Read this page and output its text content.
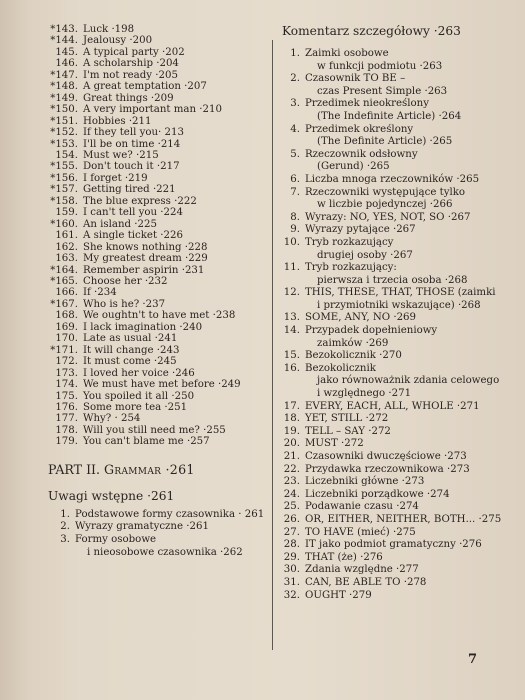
*143. Luck ·198
*144. Jealousy ·200
145. A typical party ·202
146. A scholarship ·204
*147. I'm not ready ·205
*148. A great temptation ·207
*149. Great things ·209
*150. A very important man ·210
*151. Hobbies ·211
*152. If they tell you· 213
*153. I'll be on time ·214
154. Must we? ·215
*155. Don't touch it ·217
*156. I forget ·219
*157. Getting tired ·221
*158. The blue express ·222
159. I can't tell you ·224
*160. An island ·225
161. A single ticket ·226
162. She knows nothing ·228
163. My greatest dream ·229
*164. Remember aspirin ·231
*165. Choose her ·232
166. If ·234
*167. Who is he? ·237
168. We oughtn't to have met ·238
169. I lack imagination ·240
170. Late as usual ·241
*171. It will change ·243
172. It must come ·245
173. I loved her voice ·246
174. We must have met before ·249
175. You spoiled it all ·250
176. Some more tea ·251
177. Why? · 254
178. Will you still need me? ·255
179. You can't blame me ·257
PART II. Grammar ·261
Uwagi wstępne ·261
1. Podstawowe formy czasownika · 261
2. Wyrazy gramatyczne ·261
3. Formy osobowe
i nieosobowe czasownika ·262
Komentarz szczegółowy ·263
1. Zaimki osobowe
w funkcji podmiotu ·263
2. Czasownik TO BE –
czas Present Simple ·263
3. Przedimek nieokreślony
(The Indefinite Article) ·264
4. Przedimek określony
(The Definite Article) ·265
5. Rzeczownik odsłowny
(Gerund) ·265
6. Liczba mnoga rzeczowników ·265
7. Rzeczowniki występujące tylko
w liczbie pojedynczej ·266
8. Wyrazy: NO, YES, NOT, SO ·267
9. Wyrazy pytające ·267
10. Tryb rozkazujący
drugiej osoby ·267
11. Tryb rozkazujący:
pierwsza i trzecia osoba ·268
12. THIS, THESE, THAT, THOSE (zaimki
i przymiotniki wskazujące) ·268
13. SOME, ANY, NO ·269
14. Przypadek dopełnieniowy
zaimków ·269
15. Bezokolicznik ·270
16. Bezokolicznik
jako równoważnik zdania celowego
i względnego ·271
17. EVERY, EACH, ALL, WHOLE ·271
18. YET, STILL ·272
19. TELL – SAY ·272
20. MUST ·272
21. Czasowniki dwuczęściowe ·273
22. Przydawka rzeczownikowa ·273
23. Liczebniki główne ·273
24. Liczebniki porządkowe ·274
25. Podawanie czasu ·274
26. OR, EITHER, NEITHER, BOTH... ·275
27. TO HAVE (mieć) ·275
28. IT jako podmiot gramatyczny ·276
29. THAT (że) ·276
30. Zdania względne ·277
31. CAN, BE ABLE TO ·278
32. OUGHT ·279
7
